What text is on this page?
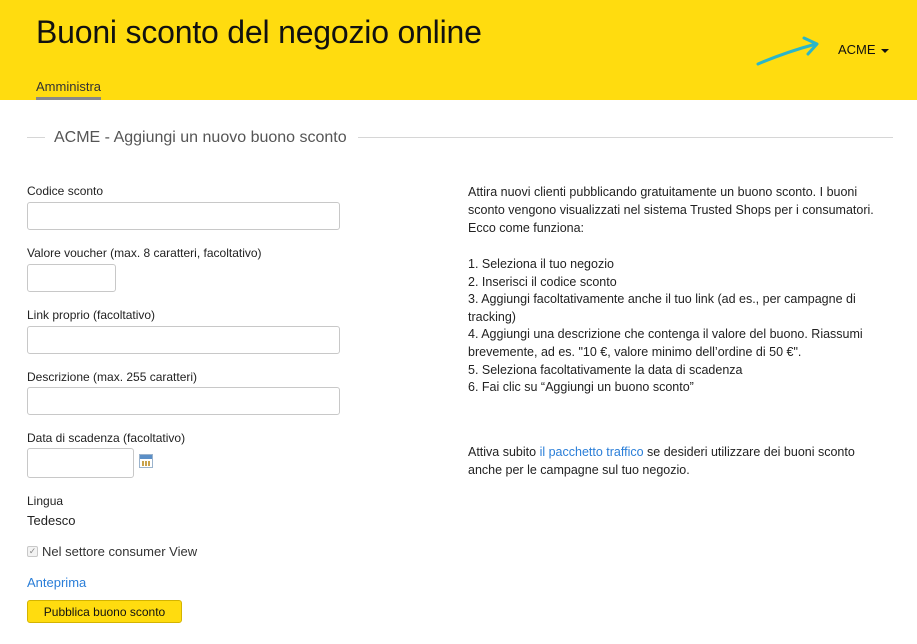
Buoni sconto del negozio online
Amministra
ACME
ACME - Aggiungi un nuovo buono sconto
Codice sconto
Valore voucher (max. 8 caratteri, facoltativo)
Link proprio (facoltativo)
Descrizione (max. 255 caratteri)
Data di scadenza (facoltativo)
Lingua
Tedesco
✓ Nel settore consumer View
Anteprima
Pubblica buono sconto

Attira nuovi clienti pubblicando gratuitamente un buono sconto. I buoni sconto vengono visualizzati nel sistema Trusted Shops per i consumatori. Ecco come funziona:

1. Seleziona il tuo negozio
2. Inserisci il codice sconto
3. Aggiungi facoltativamente anche il tuo link (ad es., per campagne di tracking)
4. Aggiungi una descrizione che contenga il valore del buono. Riassumi brevemente, ad es. "10 €, valore minimo dell’ordine di 50 €".
5. Seleziona facoltativamente la data di scadenza
6. Fai clic su “Aggiungi un buono sconto”

Attiva subito il pacchetto traffico se desideri utilizzare dei buoni sconto anche per le campagne sul tuo negozio.
